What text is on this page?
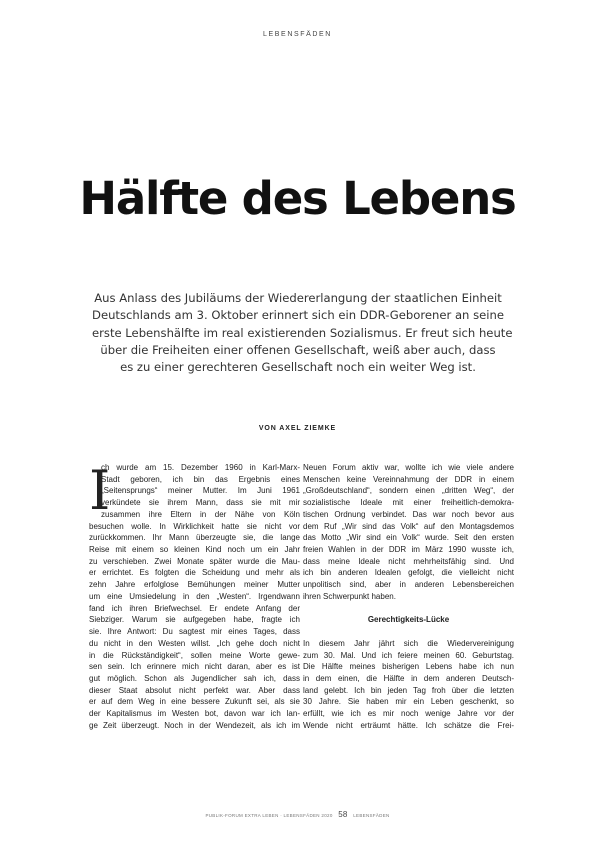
LEBENSFÄDEN
Hälfte des Lebens
Aus Anlass des Jubiläums der Wiedererlangung der staatlichen Einheit
Deutschlands am 3. Oktober erinnert sich ein DDR-Geborener an seine
erste Lebenshälfte im real existierenden Sozialismus. Er freut sich heute
über die Freiheiten einer offenen Gesellschaft, weiß aber auch, dass
es zu einer gerechteren Gesellschaft noch ein weiter Weg ist.
VON AXEL ZIEMKE
I
ch wurde am 15. Dezember 1960 in Karl-Marx-
Stadt geboren, ich bin das Ergebnis eines
„Seitensprungs“ meiner Mutter. Im Juni 1961
verkündete sie ihrem Mann, dass sie mit mir
zusammen ihre Eltern in der Nähe von Köln
besuchen wolle. In Wirklichkeit hatte sie nicht vor
zurückkommen. Ihr Mann überzeugte sie, die lange
Reise mit einem so kleinen Kind noch um ein Jahr
zu verschieben. Zwei Monate später wurde die Mau-
er errichtet. Es folgten die Scheidung und mehr als
zehn Jahre erfolglose Bemühungen meiner Mutter
um eine Umsiedelung in den „Westen“. Irgendwann
fand ich ihren Briefwechsel. Er endete Anfang der
Siebziger. Warum sie aufgegeben habe, fragte ich
sie. Ihre Antwort: Du sagtest mir eines Tages, dass
du nicht in den Westen willst. „Ich gehe doch nicht
in die Rückständigkeit“, sollen meine Worte gewe-
sen sein. Ich erinnere mich nicht daran, aber es ist
gut möglich. Schon als Jugendlicher sah ich, dass
dieser Staat absolut nicht perfekt war. Aber dass
er auf dem Weg in eine bessere Zukunft sei, als sie
der Kapitalismus im Westen bot, davon war ich lan-
ge Zeit überzeugt. Noch in der Wendezeit, als ich im
Neuen Forum aktiv war, wollte ich wie viele andere
Menschen keine Vereinnahmung der DDR in einem
„Großdeutschland“, sondern einen „dritten Weg“, der
sozialistische Ideale mit einer freiheitlich-demokra-
tischen Ordnung verbindet. Das war noch bevor aus
dem Ruf „Wir sind das Volk“ auf den Montagsdemos
das Motto „Wir sind ein Volk“ wurde. Seit den ersten
freien Wahlen in der DDR im März 1990 wusste ich,
dass meine Ideale nicht mehrheitsfähig sind. Und
ich bin anderen Idealen gefolgt, die vielleicht nicht
unpolitisch sind, aber in anderen Lebensbereichen
ihren Schwerpunkt haben.
Gerechtigkeits-Lücke
In diesem Jahr jährt sich die Wiedervereinigung
zum 30. Mal. Und ich feiere meinen 60. Geburtstag.
Die Hälfte meines bisherigen Lebens habe ich nun
in dem einen, die Hälfte in dem anderen Deutsch-
land gelebt. Ich bin jeden Tag froh über die letzten
30 Jahre. Sie haben mir ein Leben geschenkt, so
erfüllt, wie ich es mir noch wenige Jahre vor der
Wende nicht erträumt hätte. Ich schätze die Frei-
PUBLIK-FORUM EXTRA LEBEN · LEBENSFÄDEN 2020 58 LEBENSFÄDEN
